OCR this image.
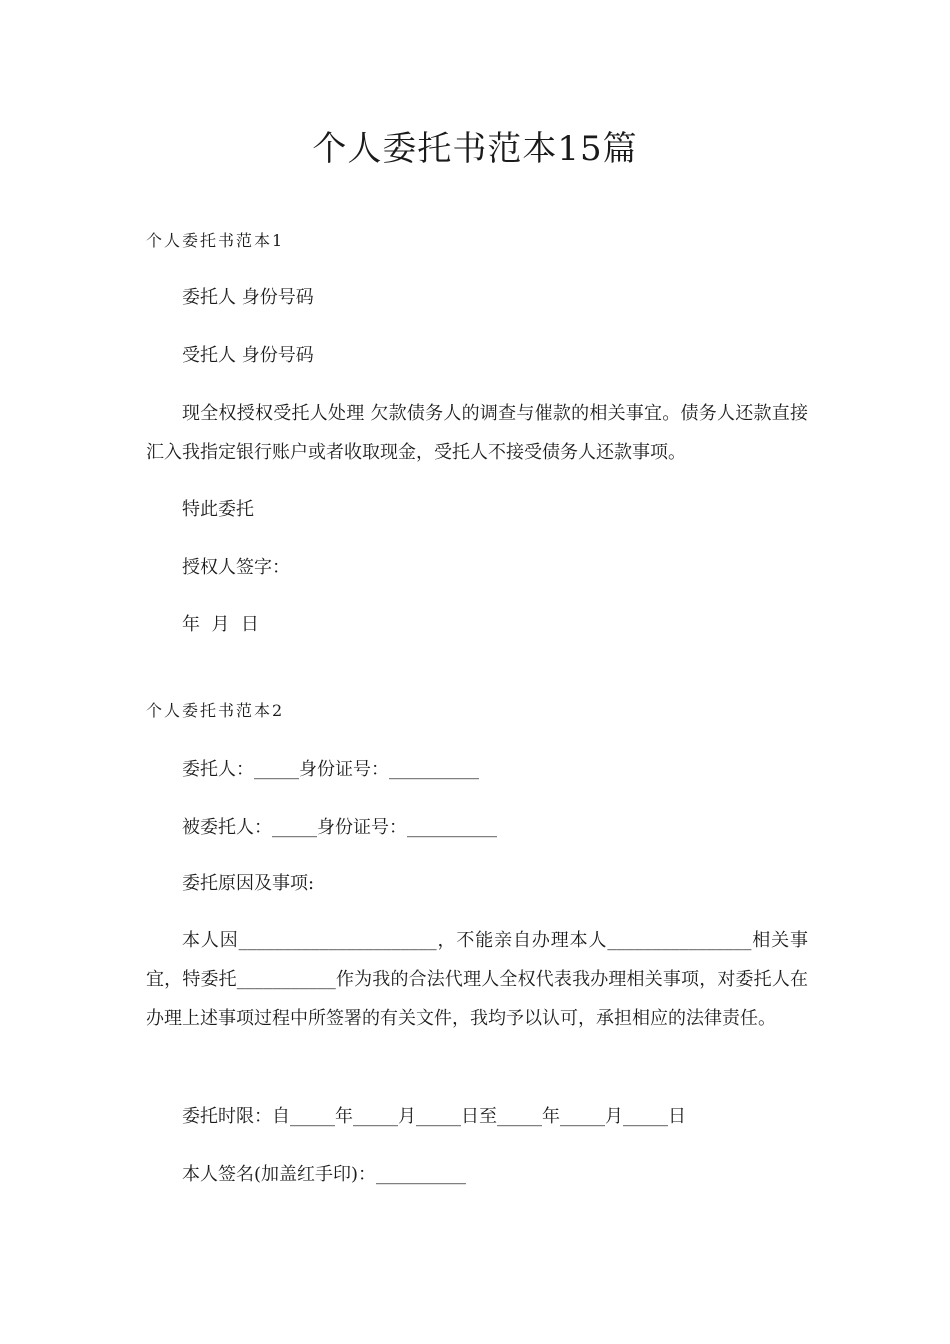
个人委托书范本15篇
个人委托书范本1
委托人 身份号码
受托人 身份号码
现全权授权受托人处理 欠款债务人的调查与催款的相关事宜。债务人还款直接汇入我指定银行账户或者收取现金，受托人不接受债务人还款事项。
特此委托
授权人签字：
年  月  日
个人委托书范本2
委托人：_____身份证号：__________
被委托人：_____身份证号：__________
委托原因及事项:
本人因______________________，不能亲自办理本人________________相关事宜，特委托___________作为我的合法代理人全权代表我办理相关事项，对委托人在办理上述事项过程中所签署的有关文件，我均予以认可，承担相应的法律责任。
委托时限：自_____年_____月_____日至_____年_____月_____日
本人签名(加盖红手印)：__________
